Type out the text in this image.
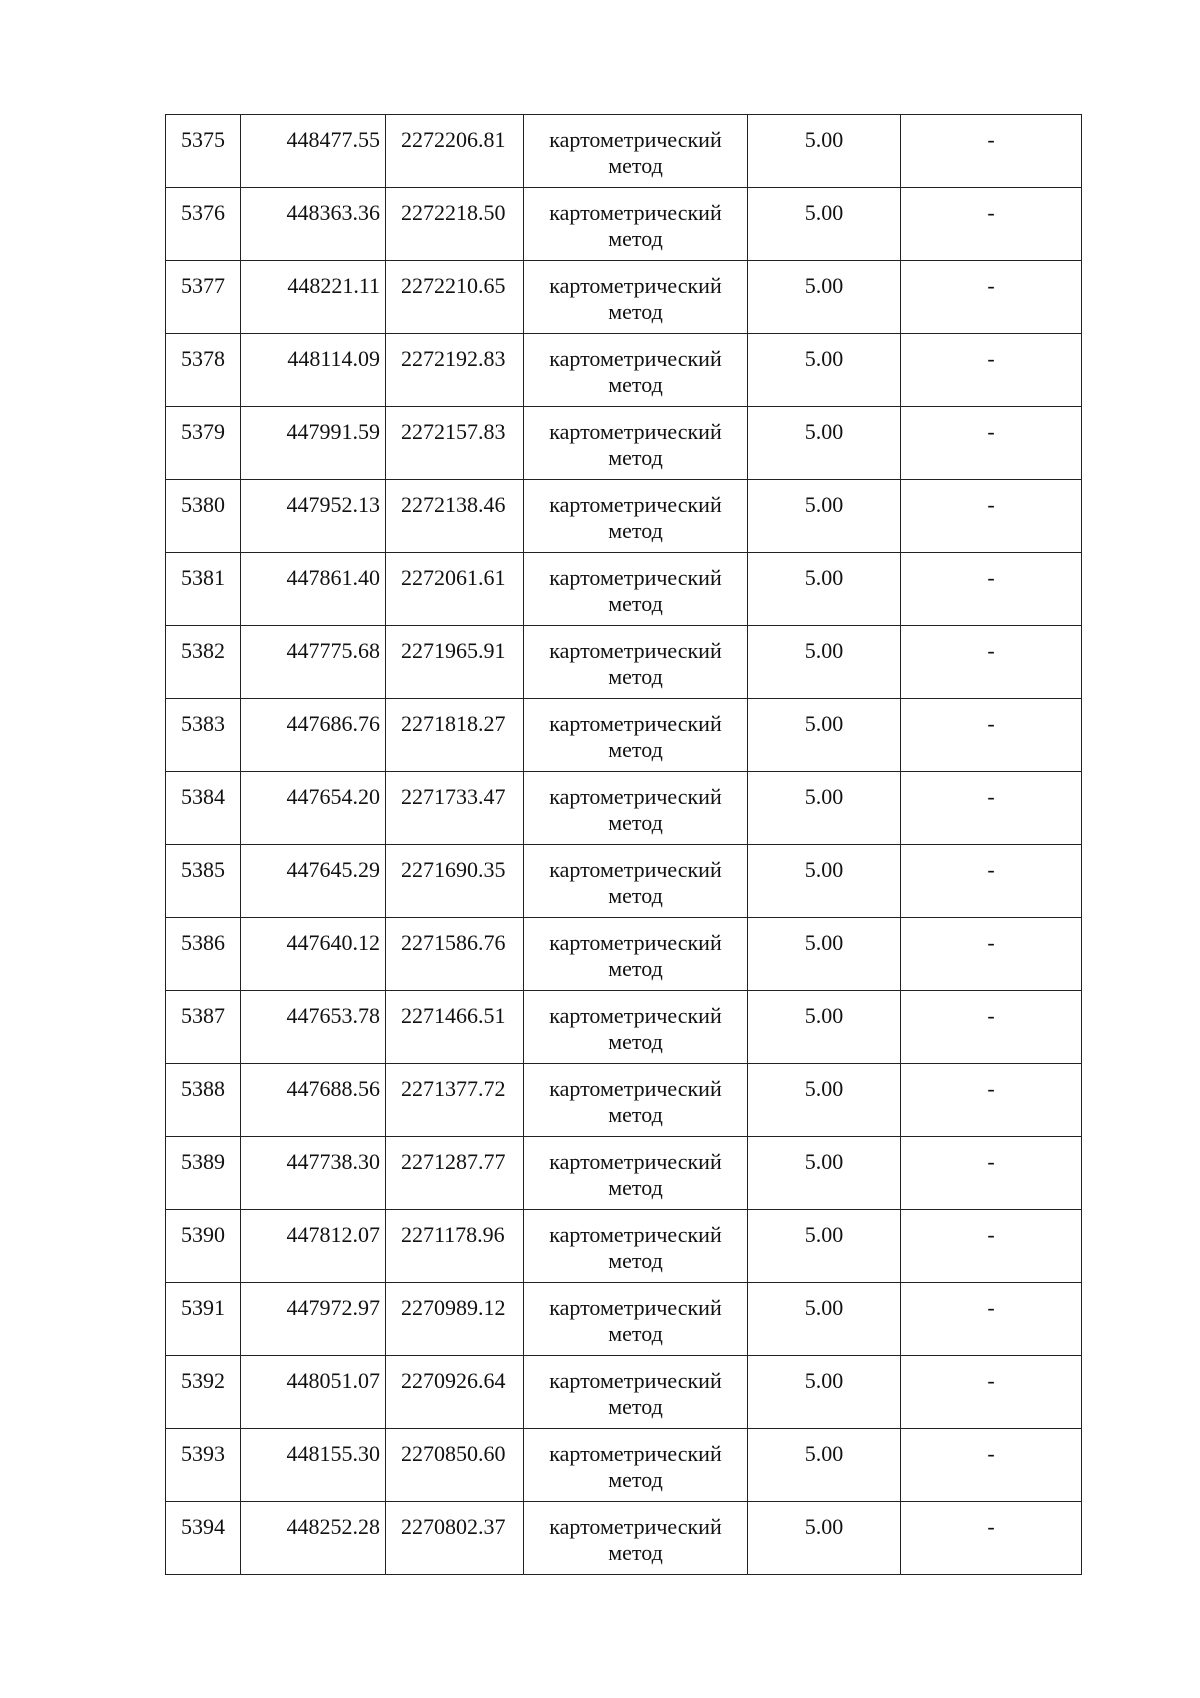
5375	448477.55	2272206.81	картометрический метод	5.00	-

5376	448363.36	2272218.50	картометрический метод	5.00	-

5377	448221.11	2272210.65	картометрический метод	5.00	-

5378	448114.09	2272192.83	картометрический метод	5.00	-

5379	447991.59	2272157.83	картометрический метод	5.00	-

5380	447952.13	2272138.46	картометрический метод	5.00	-

5381	447861.40	2272061.61	картометрический метод	5.00	-

5382	447775.68	2271965.91	картометрический метод	5.00	-

5383	447686.76	2271818.27	картометрический метод	5.00	-

5384	447654.20	2271733.47	картометрический метод	5.00	-

5385	447645.29	2271690.35	картометрический метод	5.00	-

5386	447640.12	2271586.76	картометрический метод	5.00	-

5387	447653.78	2271466.51	картометрический метод	5.00	-

5388	447688.56	2271377.72	картометрический метод	5.00	-

5389	447738.30	2271287.77	картометрический метод	5.00	-

5390	447812.07	2271178.96	картометрический метод	5.00	-

5391	447972.97	2270989.12	картометрический метод	5.00	-

5392	448051.07	2270926.64	картометрический метод	5.00	-

5393	448155.30	2270850.60	картометрический метод	5.00	-

5394	448252.28	2270802.37	картометрический метод	5.00	-
